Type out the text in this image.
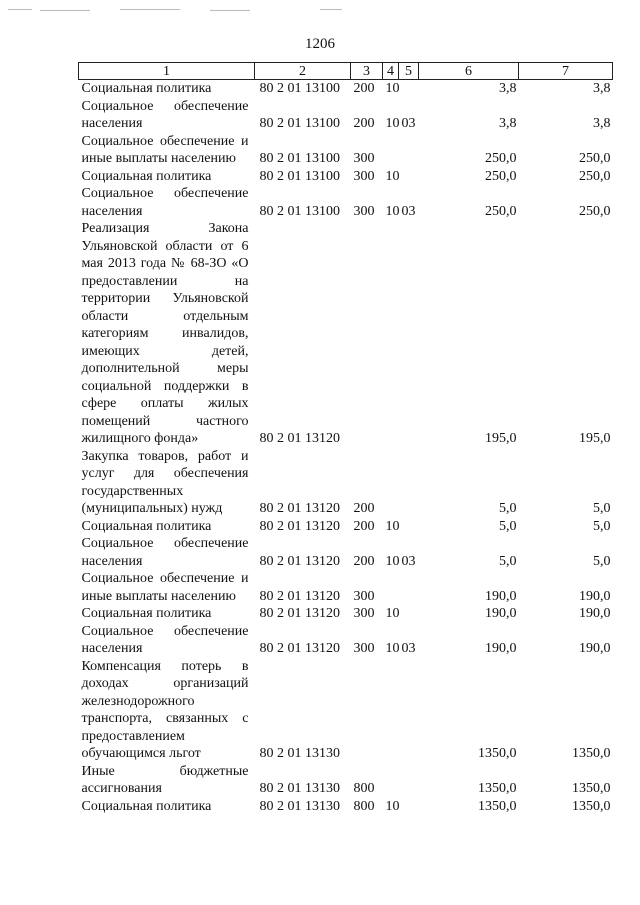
1206
1	2	3	4	5	6	7
Социальная политика	80 2 01 13100	200	10		3,8	3,8
Социальное обеспечение населения	80 2 01 13100	200	10	03	3,8	3,8
Социальное обеспечение и иные выплаты населению	80 2 01 13100	300			250,0	250,0
Социальная политика	80 2 01 13100	300	10		250,0	250,0
Социальное обеспечение населения	80 2 01 13100	300	10	03	250,0	250,0
Реализация Закона Ульяновской области от 6 мая 2013 года № 68-ЗО «О предоставлении на территории Ульяновской области отдельным категориям инвалидов, имеющих детей, дополнительной меры социальной поддержки в сфере оплаты жилых помещений частного жилищного фонда»	80 2 01 13120				195,0	195,0
Закупка товаров, работ и услуг для обеспечения государственных (муниципальных) нужд	80 2 01 13120	200			5,0	5,0
Социальная политика	80 2 01 13120	200	10		5,0	5,0
Социальное обеспечение населения	80 2 01 13120	200	10	03	5,0	5,0
Социальное обеспечение и иные выплаты населению	80 2 01 13120	300			190,0	190,0
Социальная политика	80 2 01 13120	300	10		190,0	190,0
Социальное обеспечение населения	80 2 01 13120	300	10	03	190,0	190,0
Компенсация потерь в доходах организаций железнодорожного транспорта, связанных с предоставлением обучающимся льгот	80 2 01 13130				1350,0	1350,0
Иные бюджетные ассигнования	80 2 01 13130	800			1350,0	1350,0
Социальная политика	80 2 01 13130	800	10		1350,0	1350,0
